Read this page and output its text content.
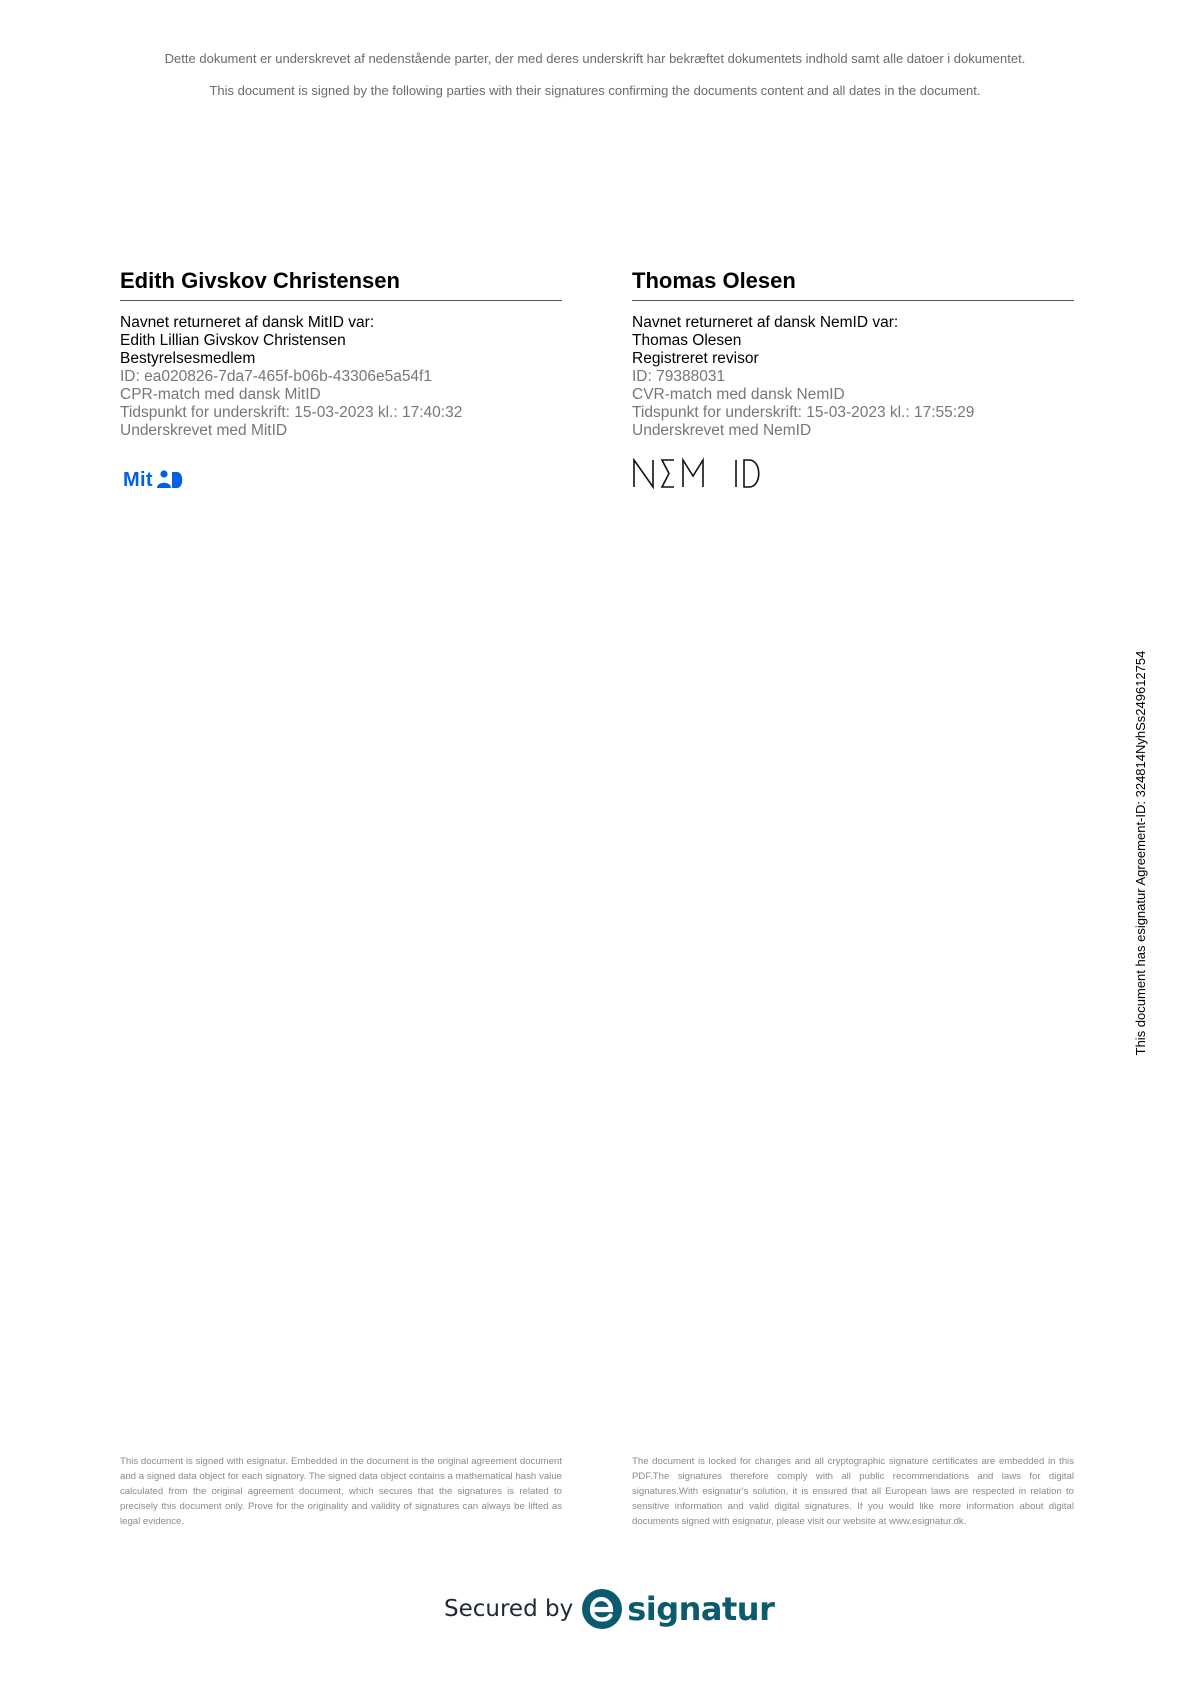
Dette dokument er underskrevet af nedenstående parter, der med deres underskrift har bekræftet dokumentets indhold samt alle datoer i dokumentet.
This document is signed by the following parties with their signatures confirming the documents content and all dates in the document.
Edith Givskov Christensen
Navnet returneret af dansk MitID var:
Edith Lillian Givskov Christensen
Bestyrelsesmedlem
ID: ea020826-7da7-465f-b06b-43306e5a54f1
CPR-match med dansk MitID
Tidspunkt for underskrift: 15-03-2023 kl.: 17:40:32
Underskrevet med MitID
Mit
Thomas Olesen
Navnet returneret af dansk NemID var:
Thomas Olesen
Registreret revisor
ID: 79388031
CVR-match med dansk NemID
Tidspunkt for underskrift: 15-03-2023 kl.: 17:55:29
Underskrevet med NemID
This document is signed with esignatur. Embedded in the document is the original agreement document and a signed data object for each signatory. The signed data object contains a mathematical hash value calculated from the original agreement document, which secures that the signatures is related to precisely this document only. Prove for the originality and validity of signatures can always be lifted as legal evidence.
The document is locked for changes and all cryptographic signature certificates are embedded in this PDF.The signatures therefore comply with all public recommendations and laws for digital signatures.With esignatur's solution, it is ensured that all European laws are respected in relation to sensitive information and valid digital signatures. If you would like more information about digital documents signed with esignatur, please visit our website at www.esignatur.dk.
Secured by signatur
This document has esignatur Agreement-ID: 324814NyhSs249612754
